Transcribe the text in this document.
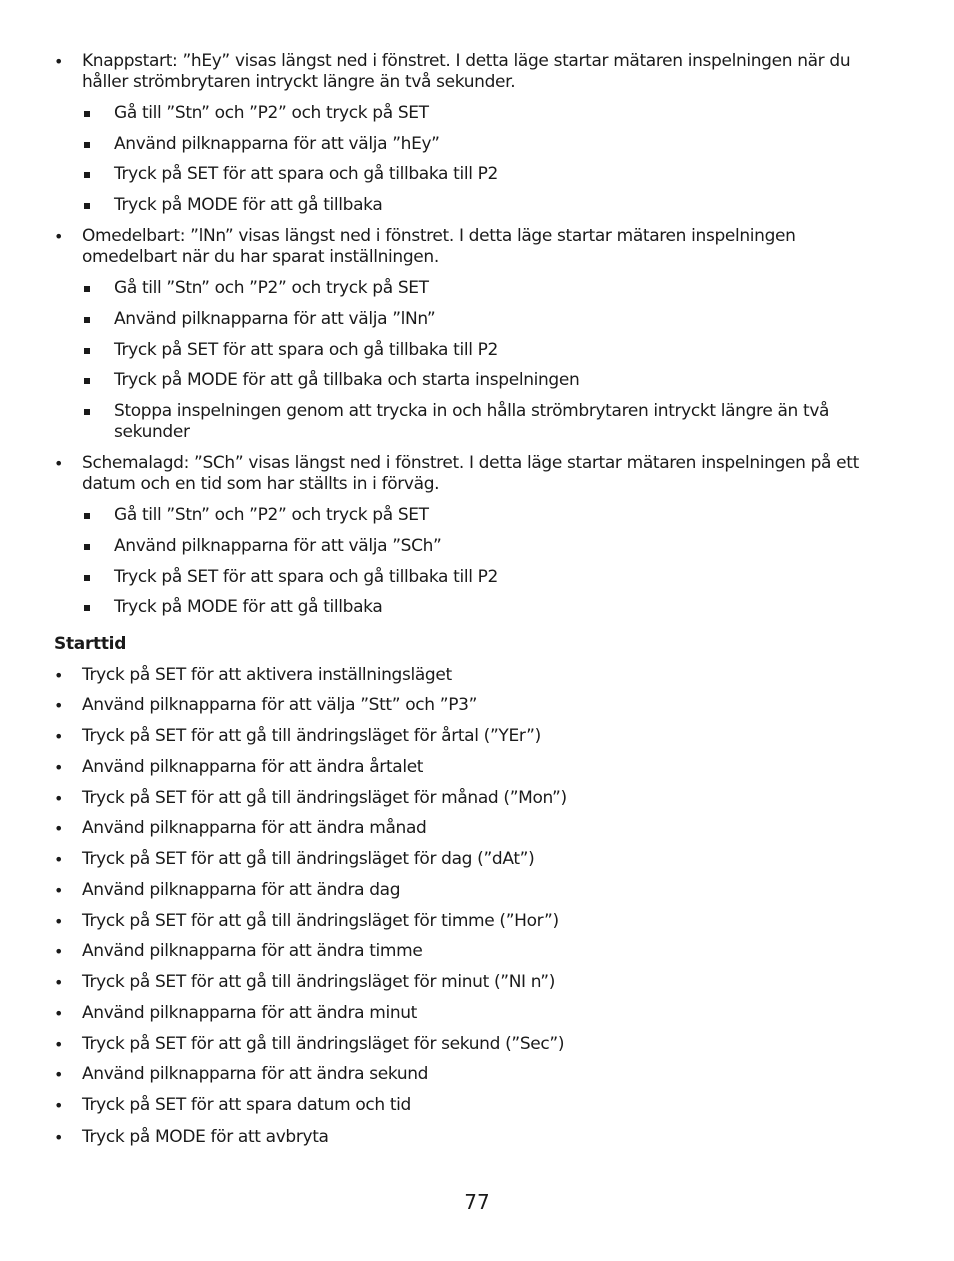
• Knappstart: ”hEy” visas längst ned i fönstret. I detta läge startar mätaren inspelningen när du håller strömbrytaren intryckt längre än två sekunder.
Gå till ”Stn” och ”P2” och tryck på SET
Använd pilknapparna för att välja ”hEy”
Tryck på SET för att spara och gå tillbaka till P2
Tryck på MODE för att gå tillbaka
• Omedelbart: ”lNn” visas längst ned i fönstret. I detta läge startar mätaren inspelningen omedelbart när du har sparat inställningen.
Gå till ”Stn” och ”P2” och tryck på SET
Använd pilknapparna för att välja ”lNn”
Tryck på SET för att spara och gå tillbaka till P2
Tryck på MODE för att gå tillbaka och starta inspelningen
Stoppa inspelningen genom att trycka in och hålla strömbrytaren intryckt längre än två sekunder
• Schemalagd: ”SCh” visas längst ned i fönstret. I detta läge startar mätaren inspelningen på ett datum och en tid som har ställts in i förväg.
Gå till ”Stn” och ”P2” och tryck på SET
Använd pilknapparna för att välja ”SCh”
Tryck på SET för att spara och gå tillbaka till P2
Tryck på MODE för att gå tillbaka
Starttid
• Tryck på SET för att aktivera inställningsläget
• Använd pilknapparna för att välja ”Stt” och ”P3”
• Tryck på SET för att gå till ändringsläget för årtal (”YEr”)
• Använd pilknapparna för att ändra årtalet
• Tryck på SET för att gå till ändringsläget för månad (”Mon”)
• Använd pilknapparna för att ändra månad
• Tryck på SET för att gå till ändringsläget för dag (”dAt”)
• Använd pilknapparna för att ändra dag
• Tryck på SET för att gå till ändringsläget för timme (”Hor”)
• Använd pilknapparna för att ändra timme
• Tryck på SET för att gå till ändringsläget för minut (”NI n”)
• Använd pilknapparna för att ändra minut
• Tryck på SET för att gå till ändringsläget för sekund (”Sec”)
• Använd pilknapparna för att ändra sekund
• Tryck på SET för att spara datum och tid
• Tryck på MODE för att avbryta
77
